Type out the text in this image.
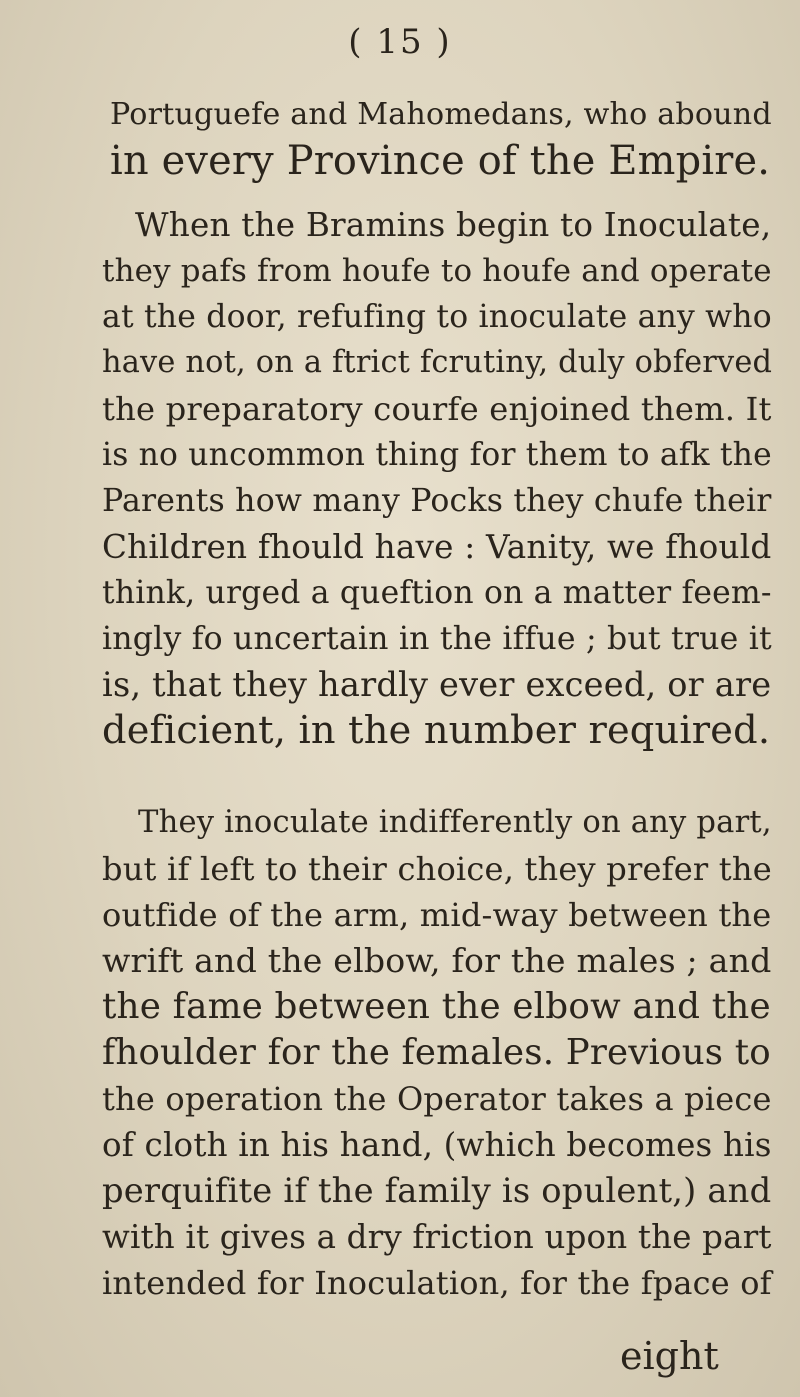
( 15 )
Portuguefe and Mahomedans, who abound
in every Province of the Empire.
When the Bramins begin to Inoculate,
they pafs from houfe to houfe and operate
at the door, refufing to inoculate any who
have not, on a ftrict fcrutiny, duly obferved
the preparatory courfe enjoined them. It
is no uncommon thing for them to afk the
Parents how many Pocks they chufe their
Children fhould have : Vanity, we fhould
think, urged a queftion on a matter feem-
ingly fo uncertain in the iffue ; but true it
is, that they hardly ever exceed, or are
deficient, in the number required.
They inoculate indifferently on any part,
but if left to their choice, they prefer the
outfide of the arm, mid-way between the
wrift and the elbow, for the males ; and
the fame between the elbow and the
fhoulder for the females. Previous to
the operation the Operator takes a piece
of cloth in his hand, (which becomes his
perquifite if the family is opulent,) and
with it gives a dry friction upon the part
intended for Inoculation, for the fpace of
eight
